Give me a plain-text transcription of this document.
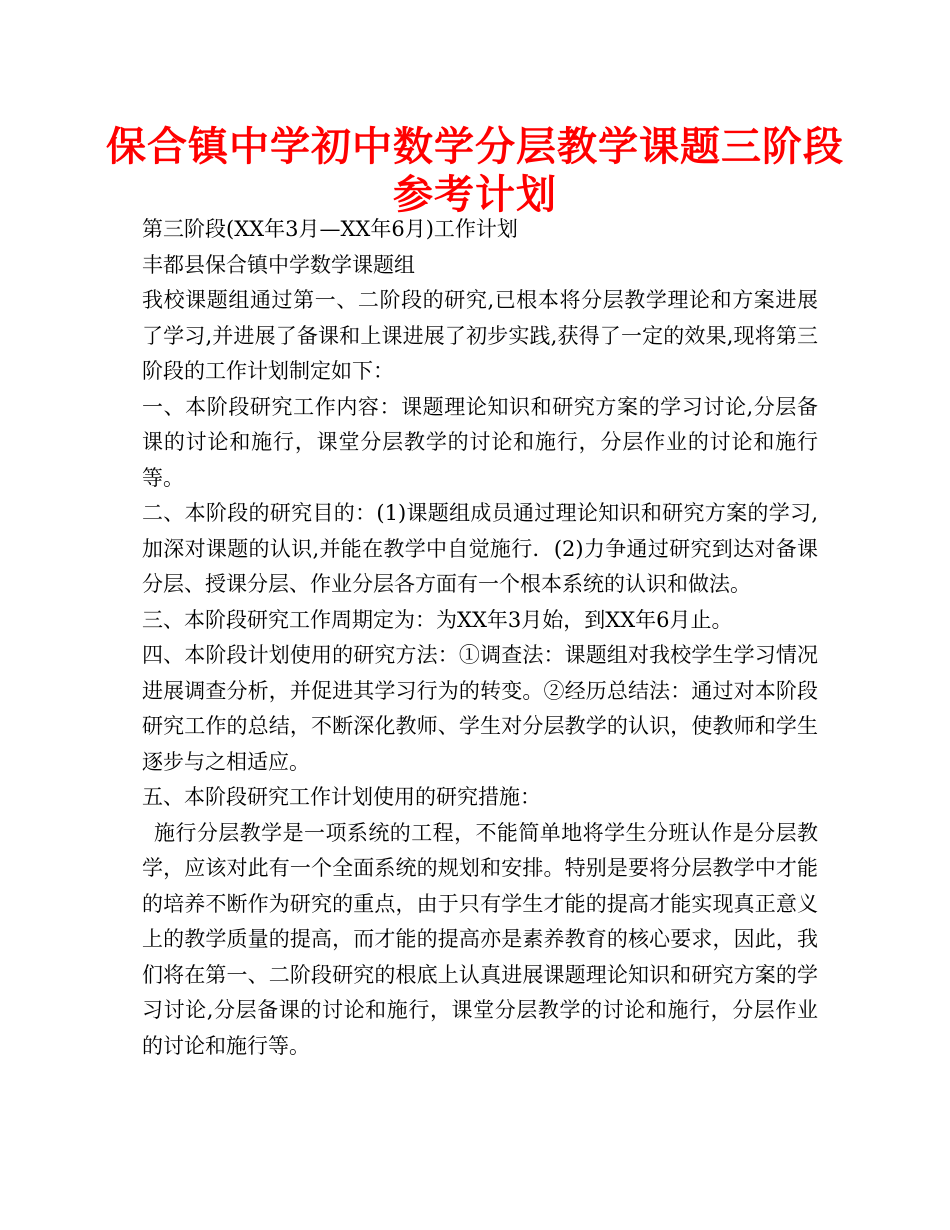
保合镇中学初中数学分层教学课题三阶段
参考计划

第三阶段(XX年3月—XX年6月)工作计划

丰都县保合镇中学数学课题组

我校课题组通过第一、二阶段的研究,已根本将分层教学理论和方案进展了学习,并进展了备课和上课进展了初步实践,获得了一定的效果,现将第三阶段的工作计划制定如下：

一、本阶段研究工作内容：课题理论知识和研究方案的学习讨论,分层备课的讨论和施行，课堂分层教学的讨论和施行，分层作业的讨论和施行等。

二、本阶段的研究目的：(1)课题组成员通过理论知识和研究方案的学习,加深对课题的认识,并能在教学中自觉施行．(2)力争通过研究到达对备课分层、授课分层、作业分层各方面有一个根本系统的认识和做法。

三、本阶段研究工作周期定为：为XX年3月始，到XX年6月止。

四、本阶段计划使用的研究方法：①调查法：课题组对我校学生学习情况进展调查分析，并促进其学习行为的转变。②经历总结法：通过对本阶段研究工作的总结，不断深化教师、学生对分层教学的认识，使教师和学生逐步与之相适应。

五、本阶段研究工作计划使用的研究措施：

施行分层教学是一项系统的工程，不能简单地将学生分班认作是分层教学，应该对此有一个全面系统的规划和安排。特别是要将分层教学中才能的培养不断作为研究的重点，由于只有学生才能的提高才能实现真正意义上的教学质量的提高，而才能的提高亦是素养教育的核心要求，因此，我们将在第一、二阶段研究的根底上认真进展课题理论知识和研究方案的学习讨论,分层备课的讨论和施行，课堂分层教学的讨论和施行，分层作业的讨论和施行等。
